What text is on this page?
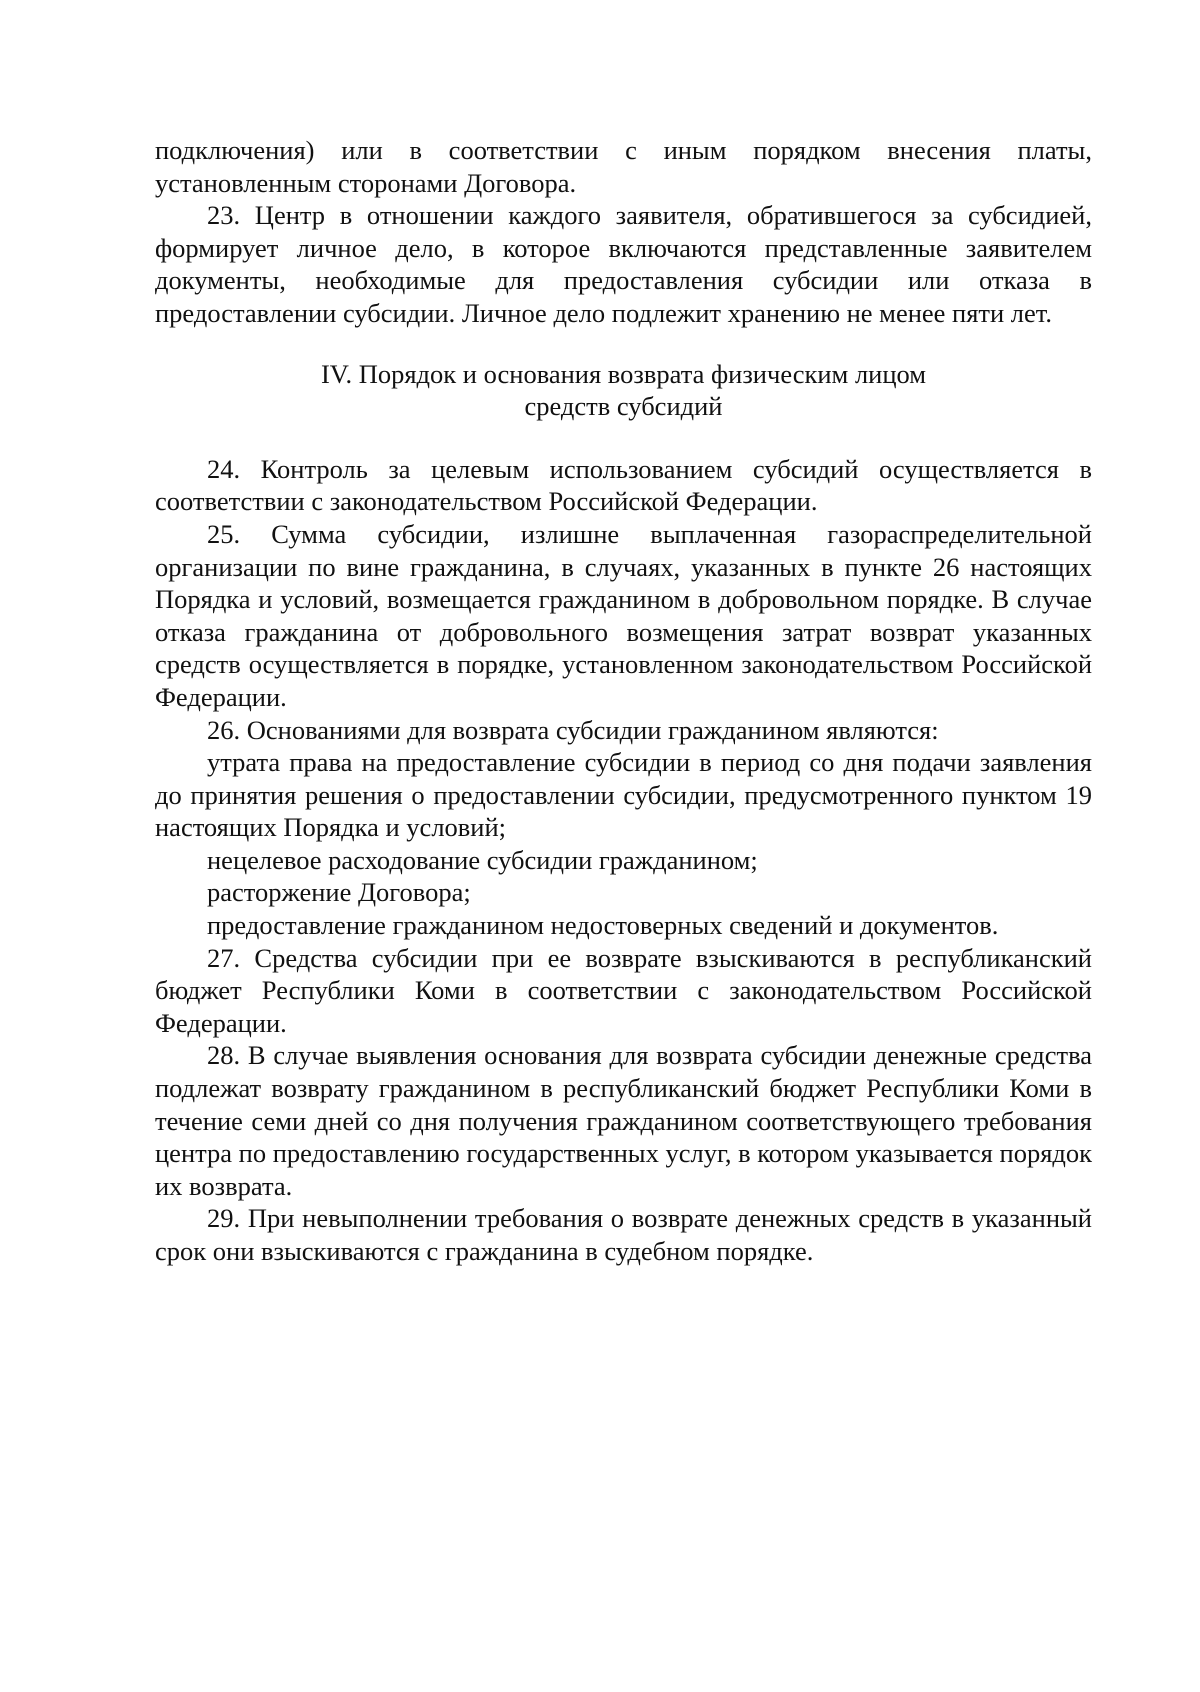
подключения) или в соответствии с иным порядком внесения платы, установленным сторонами Договора.

23. Центр в отношении каждого заявителя, обратившегося за субсидией, формирует личное дело, в которое включаются представленные заявителем документы, необходимые для предоставления субсидии или отказа в предоставлении субсидии. Личное дело подлежит хранению не менее пяти лет.

IV. Порядок и основания возврата физическим лицом
средств субсидий

24. Контроль за целевым использованием субсидий осуществляется в соответствии с законодательством Российской Федерации.

25. Сумма субсидии, излишне выплаченная газораспределительной организации по вине гражданина, в случаях, указанных в пункте 26 настоящих Порядка и условий, возмещается гражданином в добровольном порядке. В случае отказа гражданина от добровольного возмещения затрат возврат указанных средств осуществляется в порядке, установленном законодательством Российской Федерации.

26. Основаниями для возврата субсидии гражданином являются:

утрата права на предоставление субсидии в период со дня подачи заявления до принятия решения о предоставлении субсидии, предусмотренного пунктом 19 настоящих Порядка и условий;

нецелевое расходование субсидии гражданином;

расторжение Договора;

предоставление гражданином недостоверных сведений и документов.

27. Средства субсидии при ее возврате взыскиваются в республиканский бюджет Республики Коми в соответствии с законодательством Российской Федерации.

28. В случае выявления основания для возврата субсидии денежные средства подлежат возврату гражданином в республиканский бюджет Республики Коми в течение семи дней со дня получения гражданином соответствующего требования центра по предоставлению государственных услуг, в котором указывается порядок их возврата.

29. При невыполнении требования о возврате денежных средств в указанный срок они взыскиваются с гражданина в судебном порядке.
